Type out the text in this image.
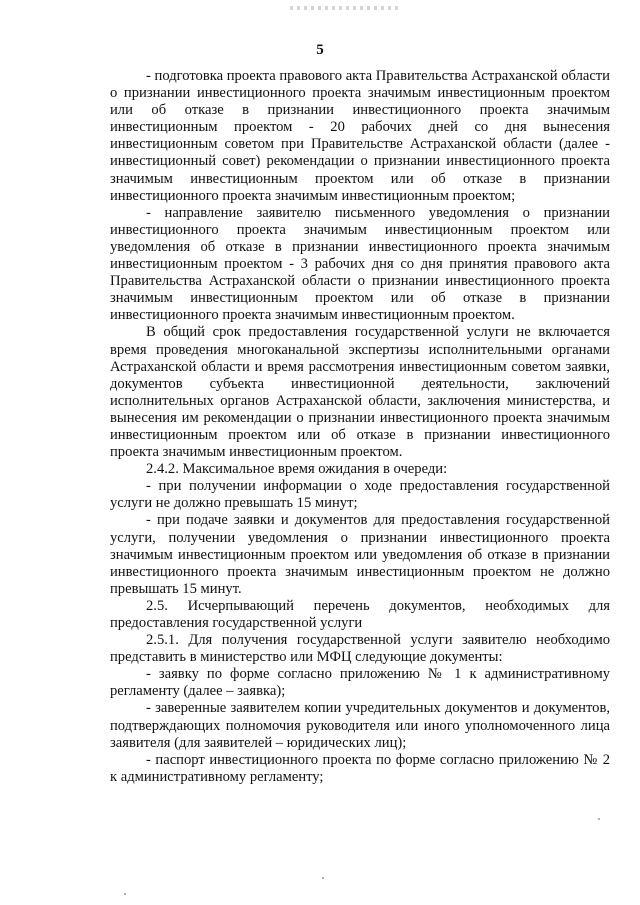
5

- подготовка проекта правового акта Правительства Астраханской области о признании инвестиционного проекта значимым инвестиционным проектом или об отказе в признании инвестиционного проекта значимым инвестиционным проектом - 20 рабочих дней со дня вынесения инвестиционным советом при Правительстве Астраханской области (далее - инвестиционный совет) рекомендации о признании инвестиционного проекта значимым инвестиционным проектом или об отказе в признании инвестиционного проекта значимым инвестиционным проектом;

- направление заявителю письменного уведомления о признании инвестиционного проекта значимым инвестиционным проектом или уведомления об отказе в признании инвестиционного проекта значимым инвестиционным проектом - 3 рабочих дня со дня принятия правового акта Правительства Астраханской области о признании инвестиционного проекта значимым инвестиционным проектом или об отказе в признании инвестиционного проекта значимым инвестиционным проектом.

В общий срок предоставления государственной услуги не включается время проведения многоканальной экспертизы исполнительными органами Астраханской области и время рассмотрения инвестиционным советом заявки, документов субъекта инвестиционной деятельности, заключений исполнительных органов Астраханской области, заключения министерства, и вынесения им рекомендации о признании инвестиционного проекта значимым инвестиционным проектом или об отказе в признании инвестиционного проекта значимым инвестиционным проектом.

2.4.2. Максимальное время ожидания в очереди:

- при получении информации о ходе предоставления государственной услуги не должно превышать 15 минут;

- при подаче заявки и документов для предоставления государственной услуги, получении уведомления о признании инвестиционного проекта значимым инвестиционным проектом или уведомления об отказе в признании инвестиционного проекта значимым инвестиционным проектом не должно превышать 15 минут.

2.5. Исчерпывающий перечень документов, необходимых для предоставления государственной услуги

2.5.1. Для получения государственной услуги заявителю необходимо представить в министерство или МФЦ следующие документы:

- заявку по форме согласно приложению № 1 к административному регламенту (далее – заявка);

- заверенные заявителем копии учредительных документов и документов, подтверждающих полномочия руководителя или иного уполномоченного лица заявителя (для заявителей – юридических лиц);

- паспорт инвестиционного проекта по форме согласно приложению № 2 к административному регламенту;
